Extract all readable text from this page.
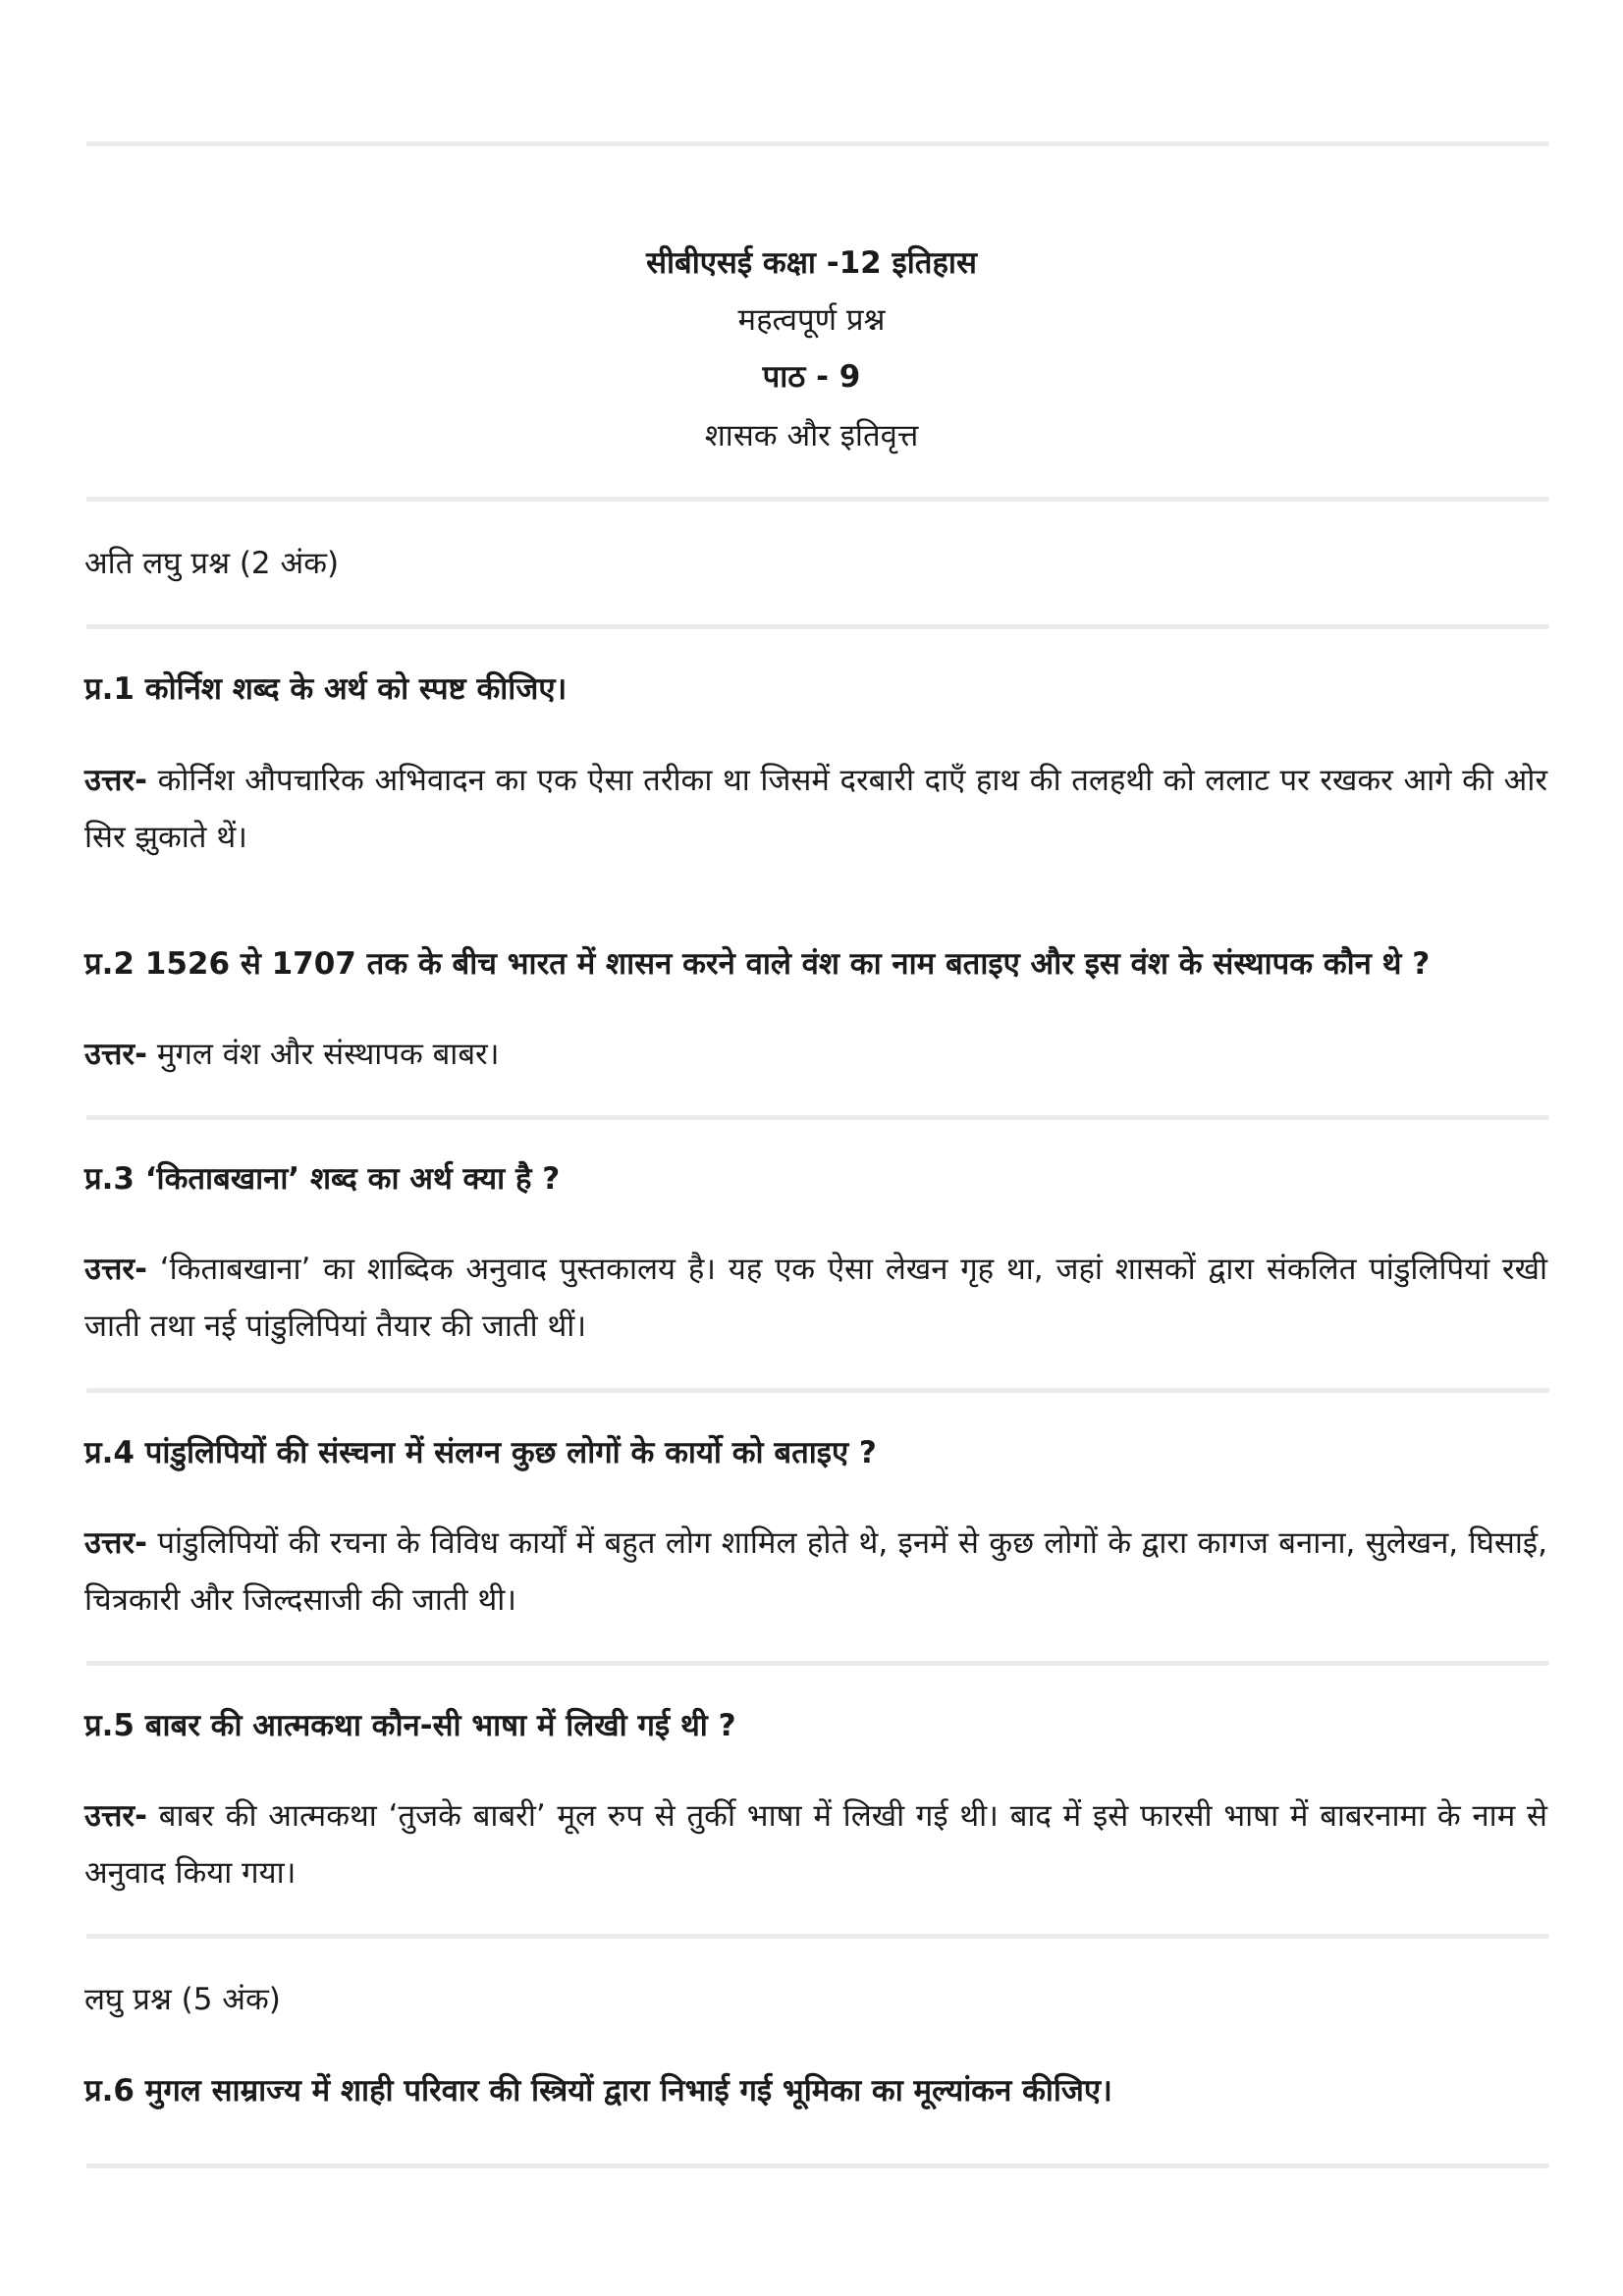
सीबीएसई कक्षा -12 इतिहास
महत्वपूर्ण प्रश्न
पाठ - 9
शासक और इतिवृत्त
अति लघु प्रश्न (2 अंक)
प्र.1 कोर्निश शब्द के अर्थ को स्पष्ट कीजिए।
उत्तर- कोर्निश औपचारिक अभिवादन का एक ऐसा तरीका था जिसमें दरबारी दाएँ हाथ की तलहथी को ललाट पर रखकर आगे की ओर सिर झुकाते थें।
प्र.2 1526 से 1707 तक के बीच भारत में शासन करने वाले वंश का नाम बताइए और इस वंश के संस्थापक कौन थे ?
उत्तर- मुगल वंश और संस्थापक बाबर।
प्र.3 ‘किताबखाना’ शब्द का अर्थ क्या है ?
उत्तर- ‘किताबखाना’ का शाब्दिक अनुवाद पुस्तकालय है। यह एक ऐसा लेखन गृह था, जहां शासकों द्वारा संकलित पांडुलिपियां रखी जाती तथा नई पांडुलिपियां तैयार की जाती थीं।
प्र.4 पांडुलिपियों की संस्चना में संलग्न कुछ लोगों के कार्यो को बताइए ?
उत्तर- पांडुलिपियों की रचना के विविध कार्यों में बहुत लोग शामिल होते थे, इनमें से कुछ लोगों के द्वारा कागज बनाना, सुलेखन, घिसाई, चित्रकारी और जिल्दसाजी की जाती थी।
प्र.5 बाबर की आत्मकथा कौन-सी भाषा में लिखी गई थी ?
उत्तर- बाबर की आत्मकथा ‘तुजके बाबरी’ मूल रुप से तुर्की भाषा में लिखी गई थी। बाद में इसे फारसी भाषा में बाबरनामा के नाम से अनुवाद किया गया।
लघु प्रश्न (5 अंक)
प्र.6 मुगल साम्राज्य में शाही परिवार की स्त्रियों द्वारा निभाई गई भूमिका का मूल्यांकन कीजिए।
